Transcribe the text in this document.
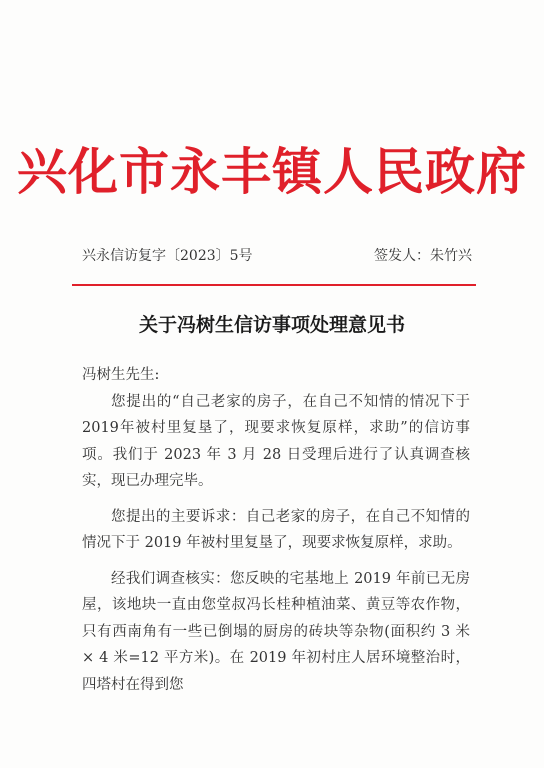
兴化市永丰镇人民政府
兴永信访复字〔2023〕5号	签发人：朱竹兴
关于冯树生信访事项处理意见书

冯树生先生:

您提出的“自己老家的房子，在自己不知情的情况下于2019年被村里复垦了，现要求恢复原样，求助”的信访事项。我们于 2023 年 3 月 28 日受理后进行了认真调查核实，现已办理完毕。

您提出的主要诉求：自己老家的房子，在自己不知情的情况下于 2019 年被村里复垦了，现要求恢复原样，求助。

经我们调查核实：您反映的宅基地上 2019 年前已无房屋，该地块一直由您堂叔冯长桂种植油菜、黄豆等农作物，只有西南角有一些已倒塌的厨房的砖块等杂物(面积约 3 米 × 4 米=12 平方米)。在 2019 年初村庄人居环境整治时，四塔村在得到您
